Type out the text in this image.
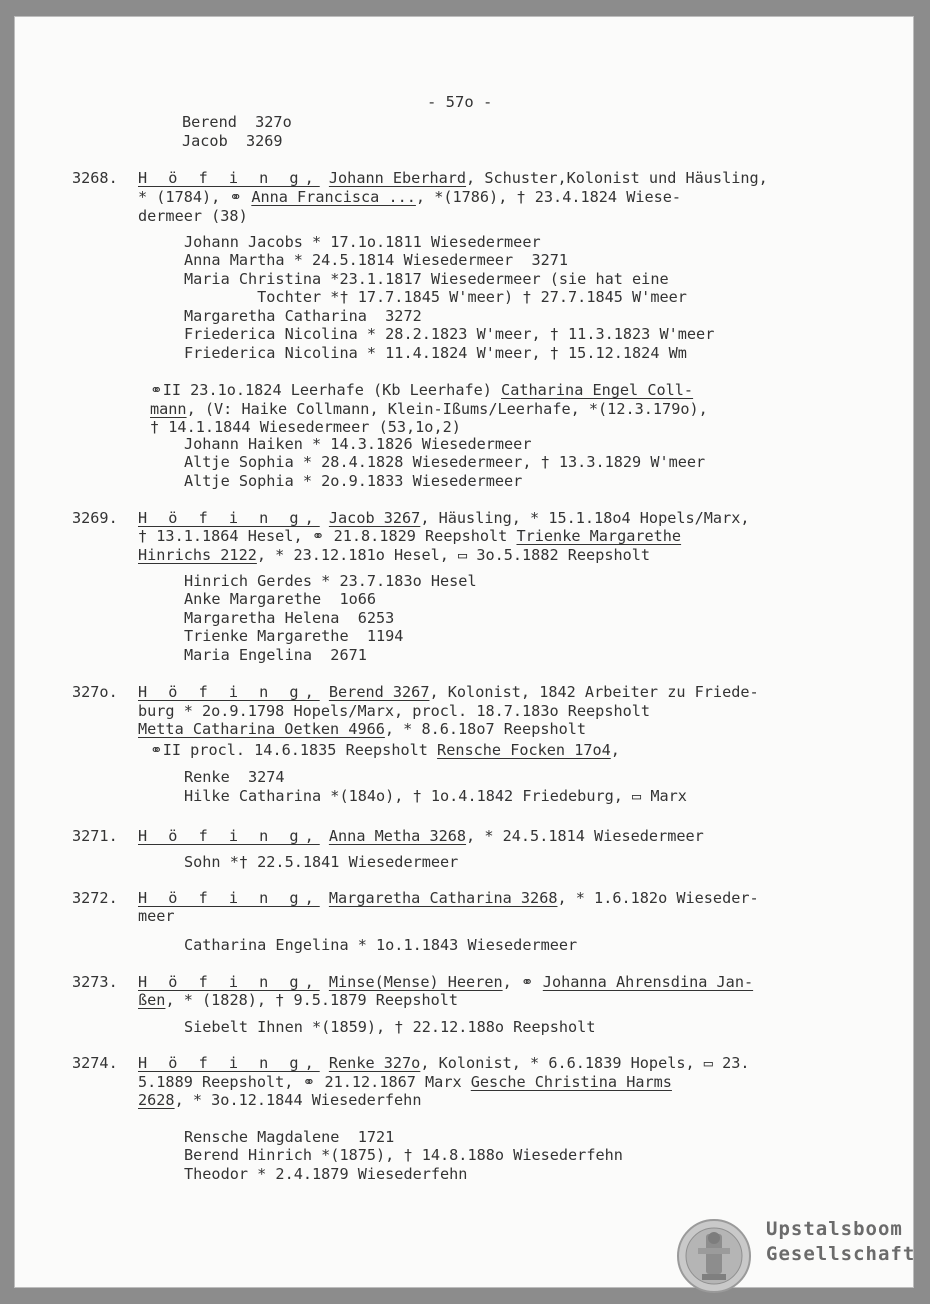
- 57o -
Berend  327o
Jacob  3269
3268. H ö f i n g, Johann Eberhard, Schuster,Kolonist und Häusling,
* (1784), ⚭ Anna Francisca ..., *(1786), † 23.4.1824 Wiese-
dermeer (38)
Johann Jacobs * 17.1o.1811 Wiesedermeer
Anna Martha * 24.5.1814 Wiesedermeer  3271
Maria Christina *23.1.1817 Wiesedermeer (sie hat eine
Tochter *† 17.7.1845 W'meer) † 27.7.1845 W'meer
Margaretha Catharina  3272
Friederica Nicolina * 28.2.1823 W'meer, † 11.3.1823 W'meer
Friederica Nicolina * 11.4.1824 W'meer, † 15.12.1824 Wm
⚭II 23.1o.1824 Leerhafe (Kb Leerhafe) Catharina Engel Coll-
mann, (V: Haike Collmann, Klein-Ißums/Leerhafe, *(12.3.179o),
† 14.1.1844 Wiesedermeer (53,1o,2)
Johann Haiken * 14.3.1826 Wiesedermeer
Altje Sophia * 28.4.1828 Wiesedermeer, † 13.3.1829 W'meer
Altje Sophia * 2o.9.1833 Wiesedermeer
3269. H ö f i n g, Jacob 3267, Häusling, * 15.1.18o4 Hopels/Marx,
† 13.1.1864 Hesel, ⚭ 21.8.1829 Reepsholt Trienke Margarethe
Hinrichs 2122, * 23.12.181o Hesel, ▭ 3o.5.1882 Reepsholt
Hinrich Gerdes * 23.7.183o Hesel
Anke Margarethe  1o66
Margaretha Helena  6253
Trienke Margarethe  1194
Maria Engelina  2671
327o. H ö f i n g, Berend 3267, Kolonist, 1842 Arbeiter zu Friede-
burg * 2o.9.1798 Hopels/Marx, procl. 18.7.183o Reepsholt
Metta Catharina Oetken 4966, * 8.6.18o7 Reepsholt
⚭II procl. 14.6.1835 Reepsholt Rensche Focken 17o4,
Renke  3274
Hilke Catharina *(184o), † 1o.4.1842 Friedeburg, ▭ Marx
3271. H ö f i n g, Anna Metha 3268, * 24.5.1814 Wiesedermeer
Sohn *† 22.5.1841 Wiesedermeer
3272. H ö f i n g, Margaretha Catharina 3268, * 1.6.182o Wieseder-
meer
Catharina Engelina * 1o.1.1843 Wiesedermeer
3273. H ö f i n g, Minse(Mense) Heeren, ⚭ Johanna Ahrensdina Jan-
ßen, * (1828), † 9.5.1879 Reepsholt
Siebelt Ihnen *(1859), † 22.12.188o Reepsholt
3274. H ö f i n g, Renke 327o, Kolonist, * 6.6.1839 Hopels, ▭ 23.
5.1889 Reepsholt, ⚭ 21.12.1867 Marx Gesche Christina Harms
2628, * 3o.12.1844 Wiesederfehn
Rensche Magdalene  1721
Berend Hinrich *(1875), † 14.8.188o Wiesederfehn
Theodor * 2.4.1879 Wiesederfehn
Upstalsboom
Gesellschaft
